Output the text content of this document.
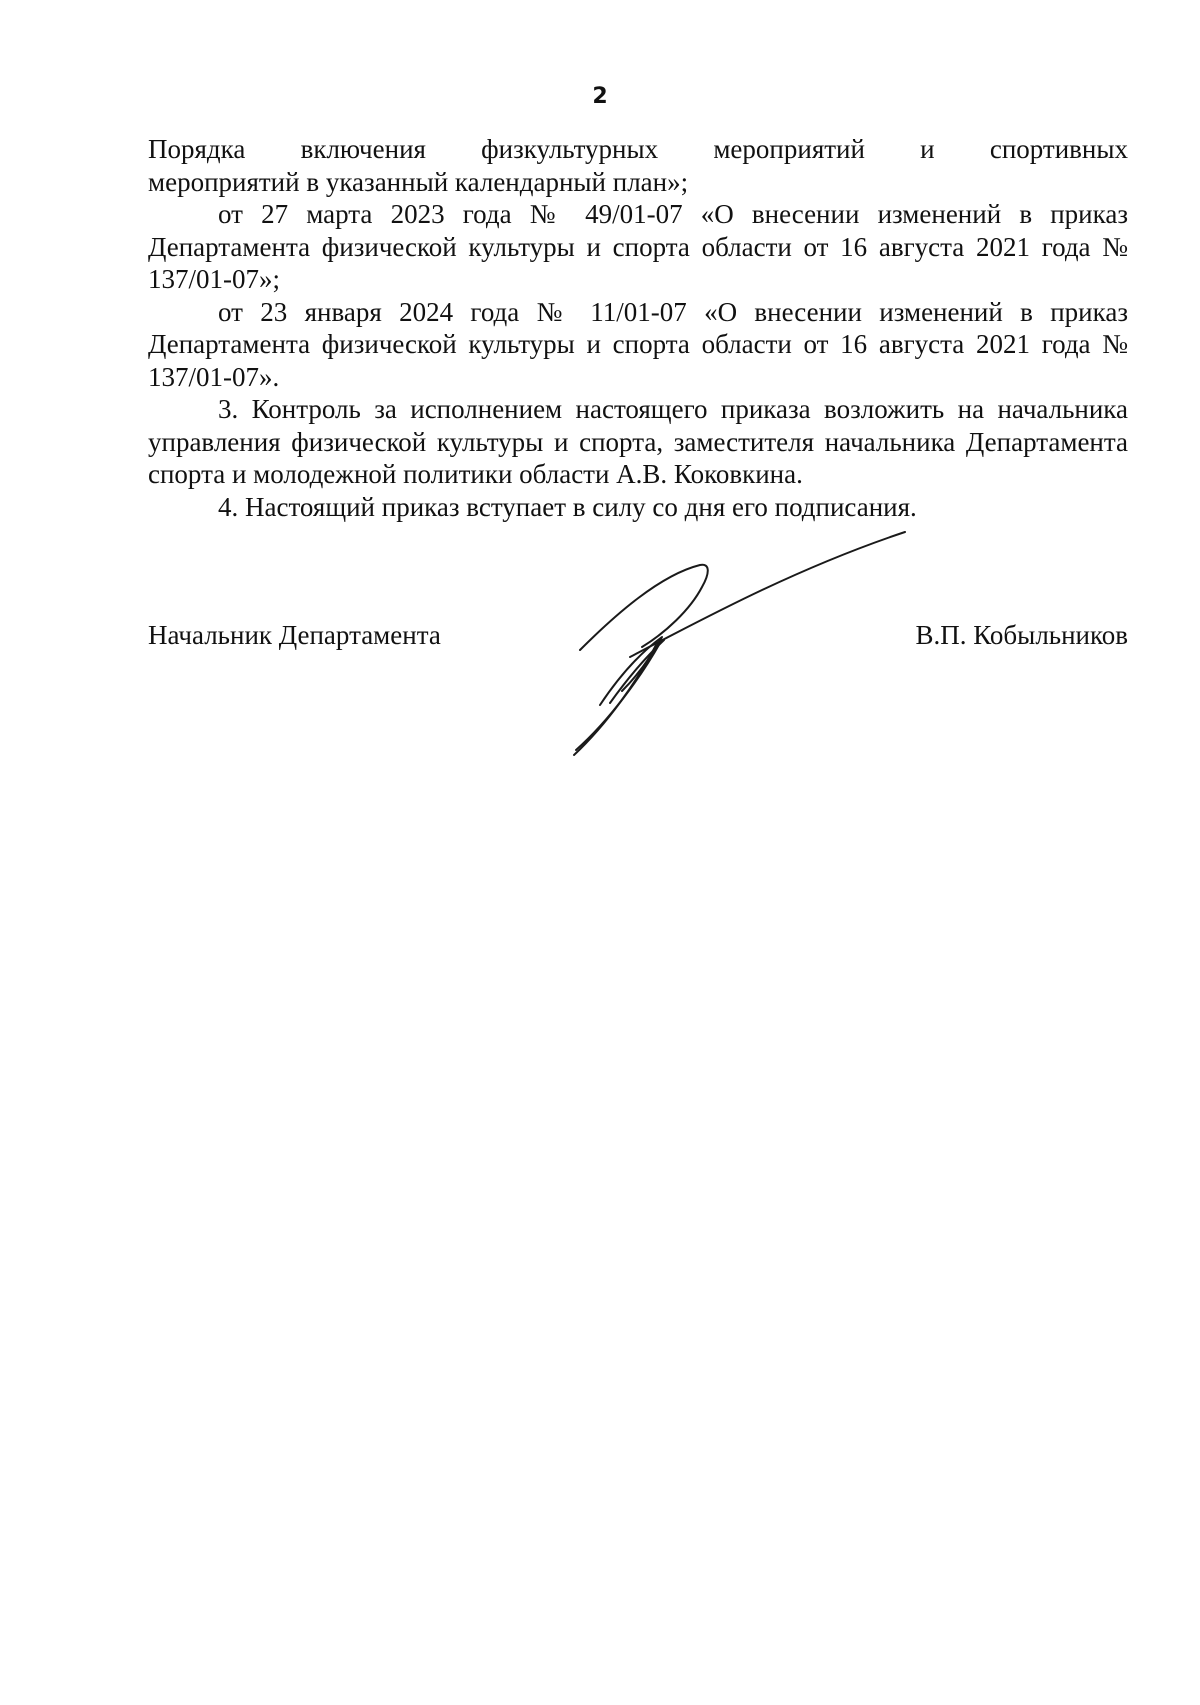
2

Порядка включения физкультурных мероприятий и спортивных
мероприятий в указанный календарный план»;

от 27 марта 2023 года № 49/01-07 «О внесении изменений в приказ Департамента физической культуры и спорта области от 16 августа 2021 года № 137/01-07»;

от 23 января 2024 года № 11/01-07 «О внесении изменений в приказ Департамента физической культуры и спорта области от 16 августа 2021 года № 137/01-07».

3. Контроль за исполнением настоящего приказа возложить на начальника управления физической культуры и спорта, заместителя начальника Департамента спорта и молодежной политики области А.В. Коковкина.

4. Настоящий приказ вступает в силу со дня его подписания.

Начальник Департамента	В.П. Кобыльников
